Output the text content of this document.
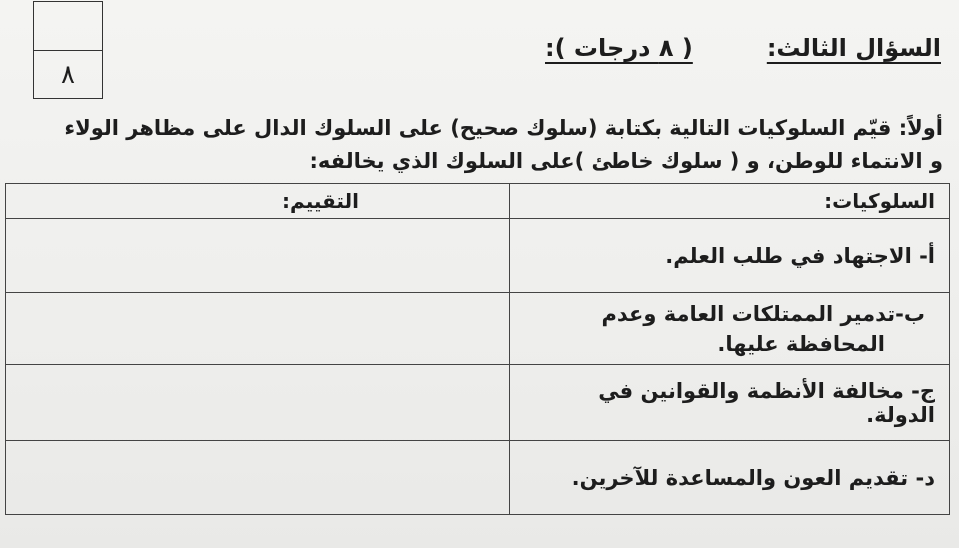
٨
السؤال الثالث:
( ٨ درجات ):
أولاً: قيّم السلوكيات التالية بكتابة (سلوك صحيح) على السلوك الدال على مظاهر الولاء
و الانتماء للوطن، و ( سلوك خاطئ )على السلوك الذي يخالفه:
السلوكيات:	التقييم:
أ- الاجتهاد في طلب العلم.	
ب-تدمير الممتلكات العامة وعدم
المحافظة عليها.	

ج- مخالفة الأنظمة والقوانين في الدولة.	
د- تقديم العون والمساعدة للآخرين.	
